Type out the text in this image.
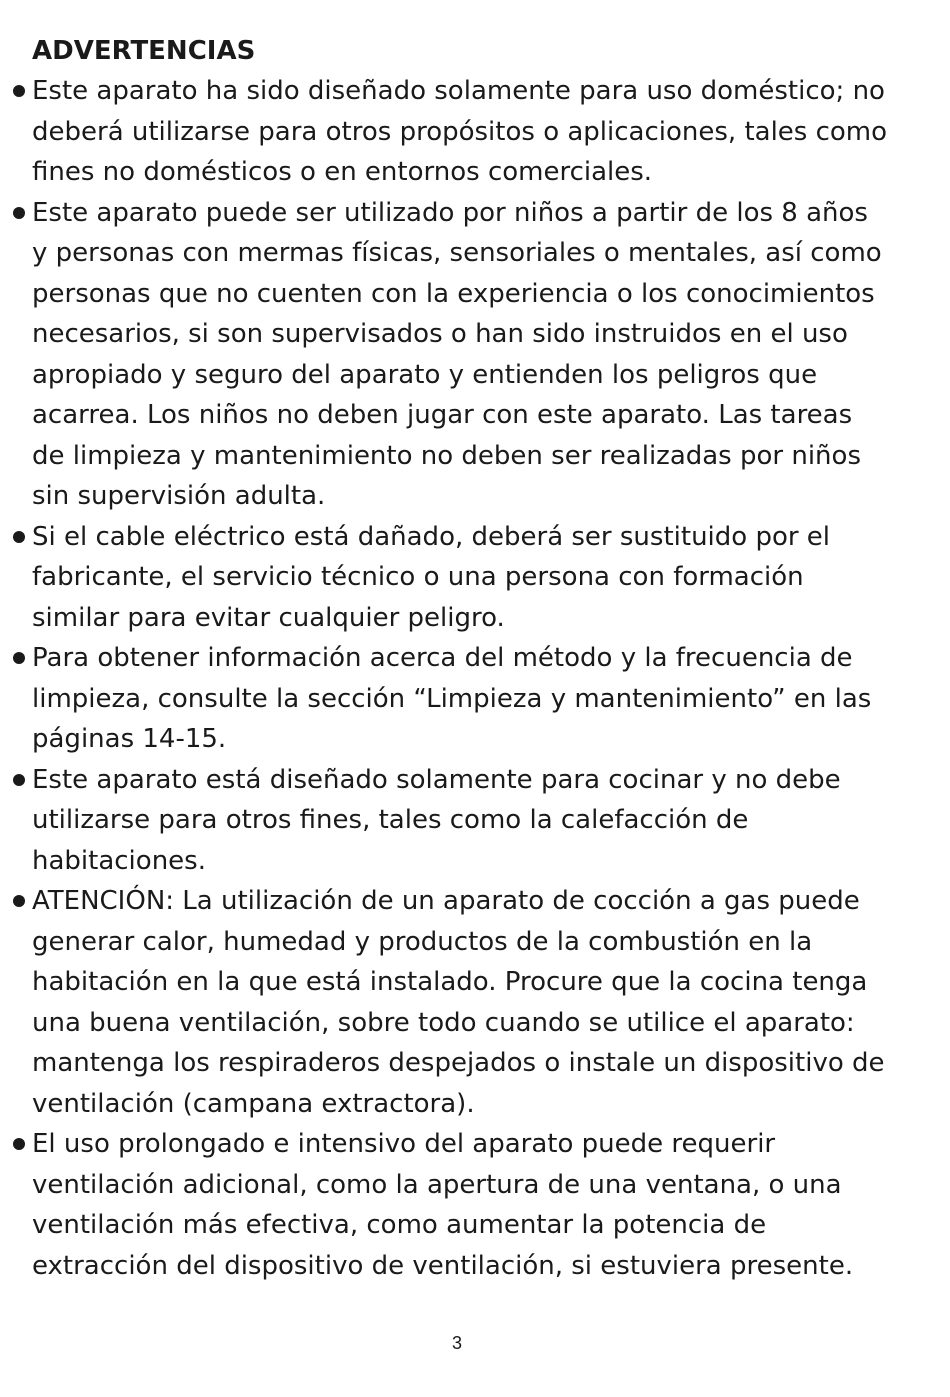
ADVERTENCIAS
Este aparato ha sido diseñado solamente para uso doméstico; no deberá utilizarse para otros propósitos o aplicaciones, tales como fines no domésticos o en entornos comerciales.
Este aparato puede ser utilizado por niños a partir de los 8 años y personas con mermas físicas, sensoriales o mentales, así como personas que no cuenten con la experiencia o los conocimientos necesarios, si son supervisados o han sido instruidos en el uso apropiado y seguro del aparato y entienden los peligros que acarrea. Los niños no deben jugar con este aparato. Las tareas de limpieza y mantenimiento no deben ser realizadas por niños sin supervisión adulta.
Si el cable eléctrico está dañado, deberá ser sustituido por el fabricante, el servicio técnico o una persona con formación similar para evitar cualquier peligro.
Para obtener información acerca del método y la frecuencia de limpieza, consulte la sección “Limpieza y mantenimiento” en las páginas 14-15.
Este aparato está diseñado solamente para cocinar y no debe utilizarse para otros fines, tales como la calefacción de habitaciones.
ATENCIÓN: La utilización de un aparato de cocción a gas puede generar calor, humedad y productos de la combustión en la habitación en la que está instalado. Procure que la cocina tenga una buena ventilación, sobre todo cuando se utilice el aparato: mantenga los respiraderos despejados o instale un dispositivo de ventilación (campana extractora).
El uso prolongado e intensivo del aparato puede requerir ventilación adicional, como la apertura de una ventana, o una ventilación más efectiva, como aumentar la potencia de extracción del dispositivo de ventilación, si estuviera presente.
3
